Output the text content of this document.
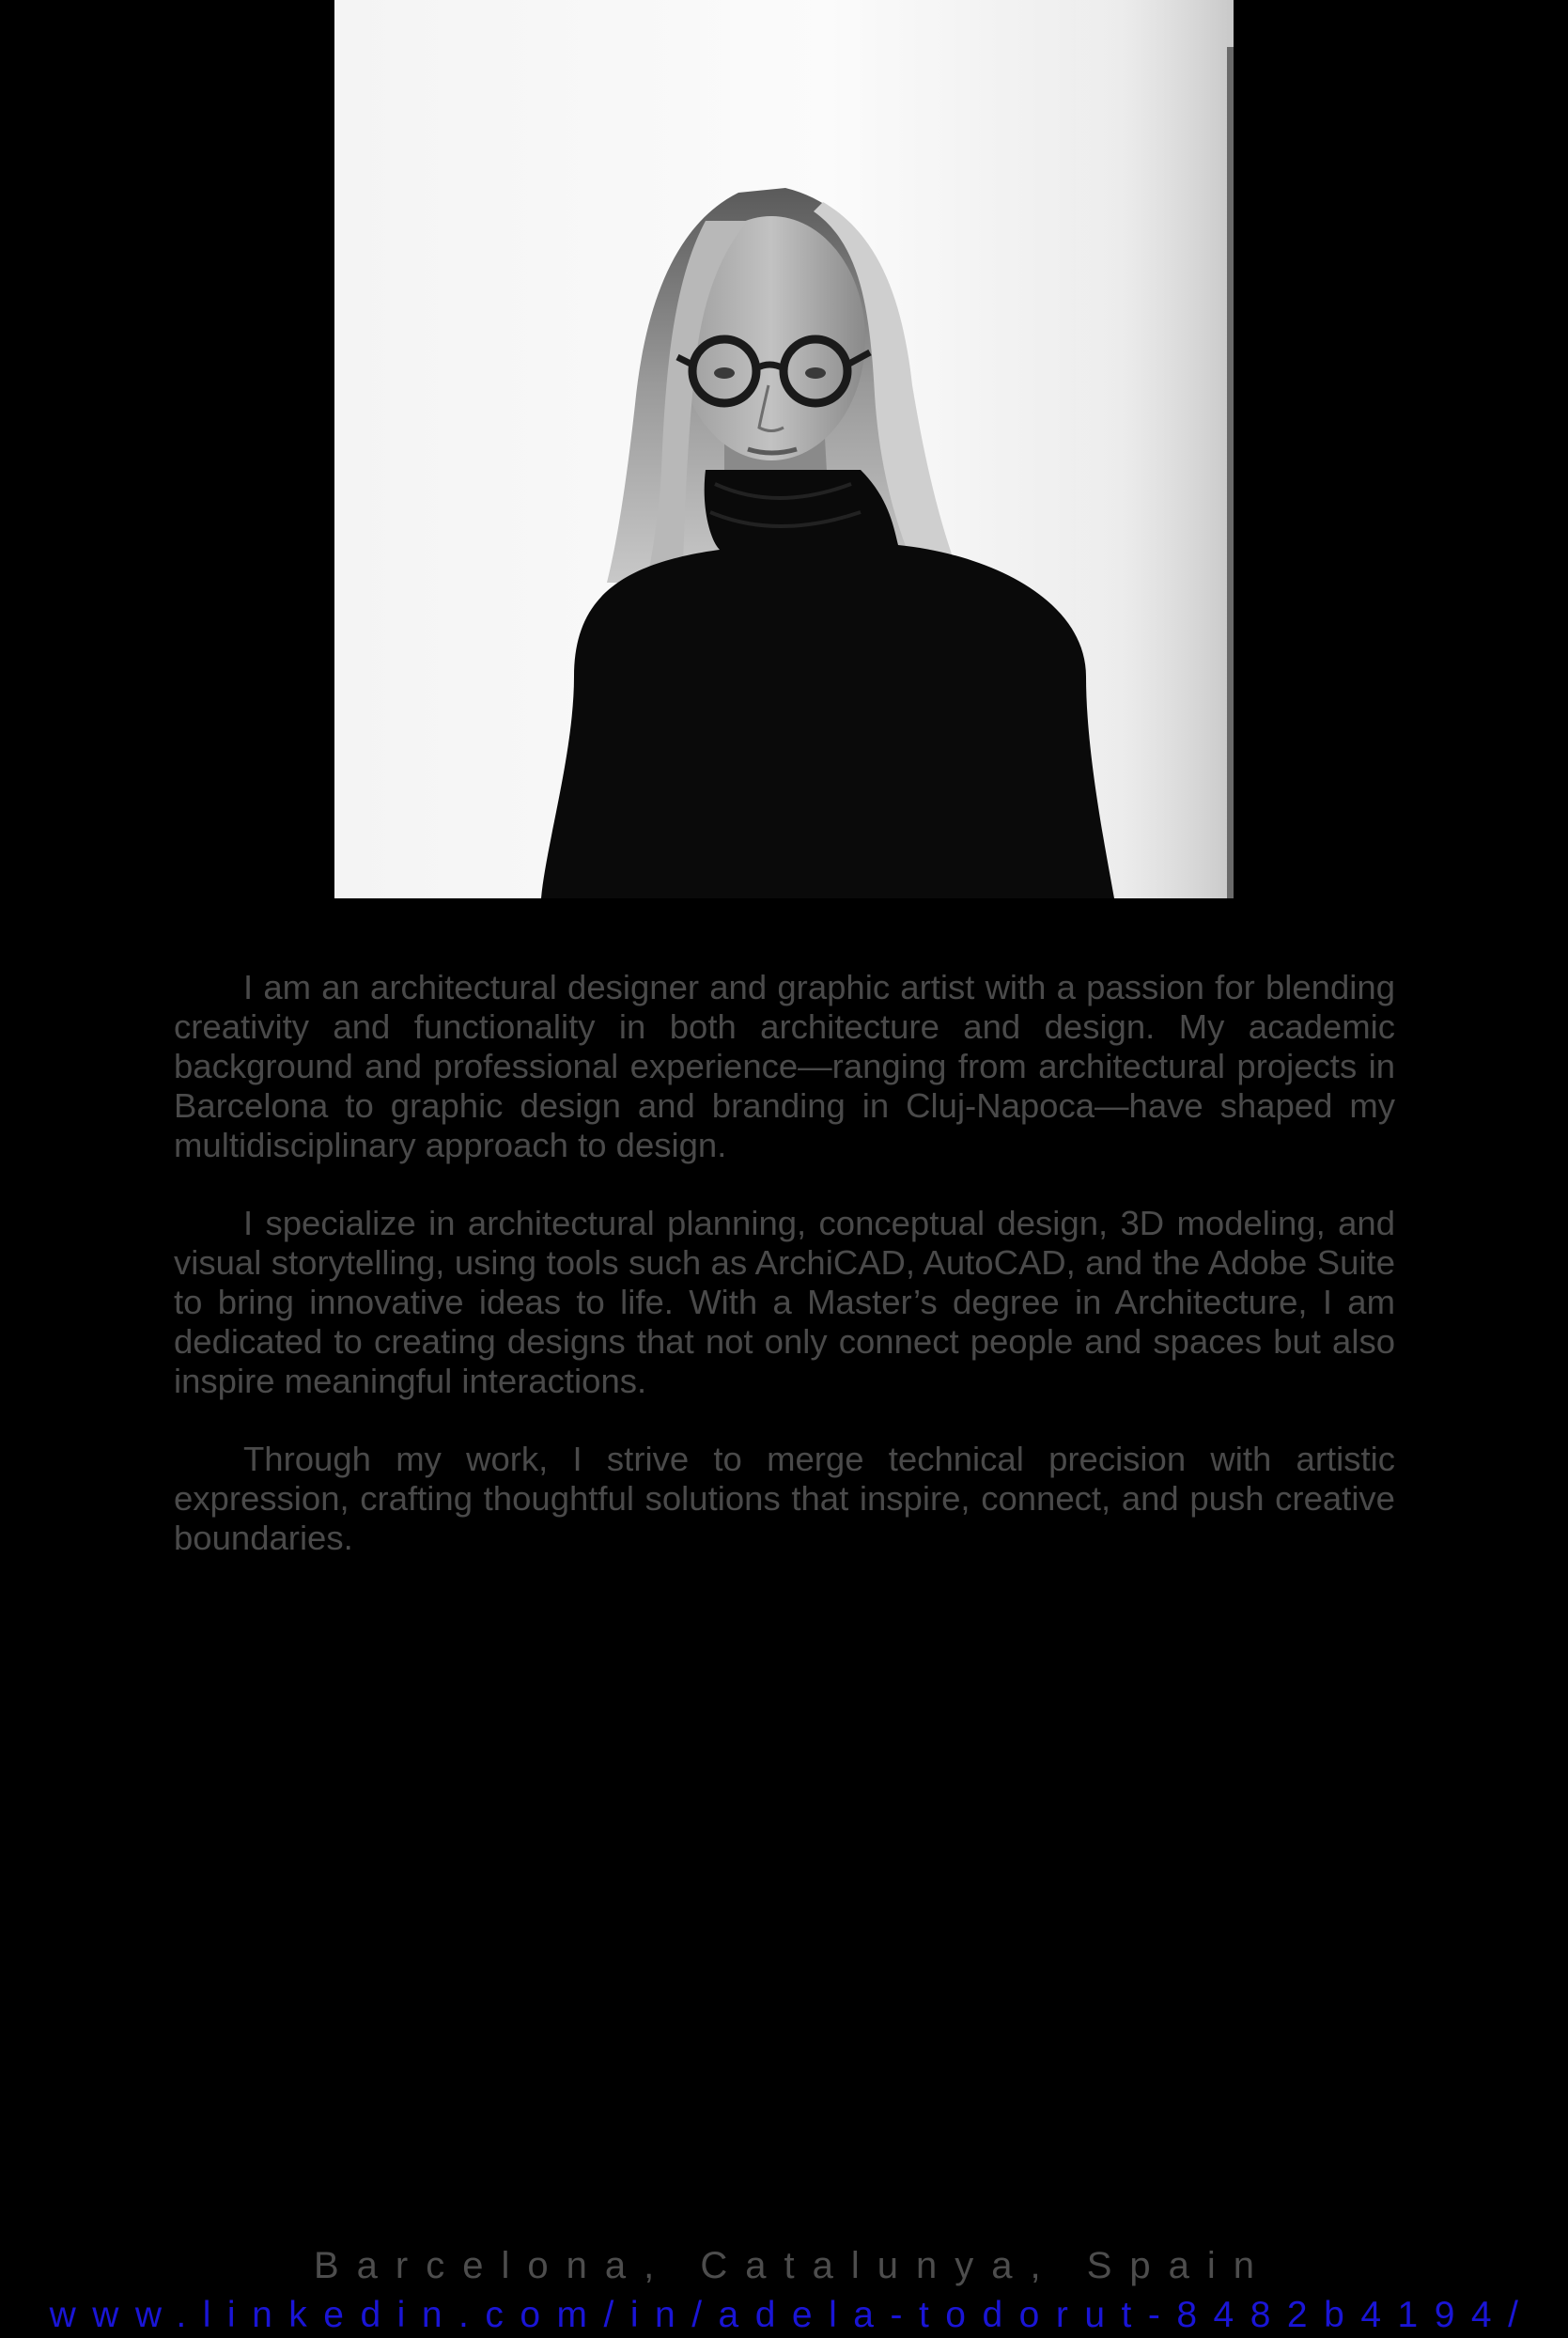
I am an architectural designer and graphic artist with a passion for blending creativity and functionality in both architecture and design. My academic background and professional experience—ranging from architectural projects in Barcelona to graphic design and branding in Cluj-Napoca—have shaped my multidisciplinary approach to design.

I specialize in architectural planning, conceptual design, 3D modeling, and visual storytelling, using tools such as ArchiCAD, AutoCAD, and the Adobe Suite to bring innovative ideas to life. With a Master’s degree in Architecture, I am dedicated to creating designs that not only connect people and spaces but also inspire meaningful interactions.

Through my work, I strive to merge technical precision with artistic expression, crafting thoughtful solutions that inspire, connect, and push creative boundaries.

Barcelona, Catalunya, Spain
www.linkedin.com/in/adela-todorut-8482b4194/
